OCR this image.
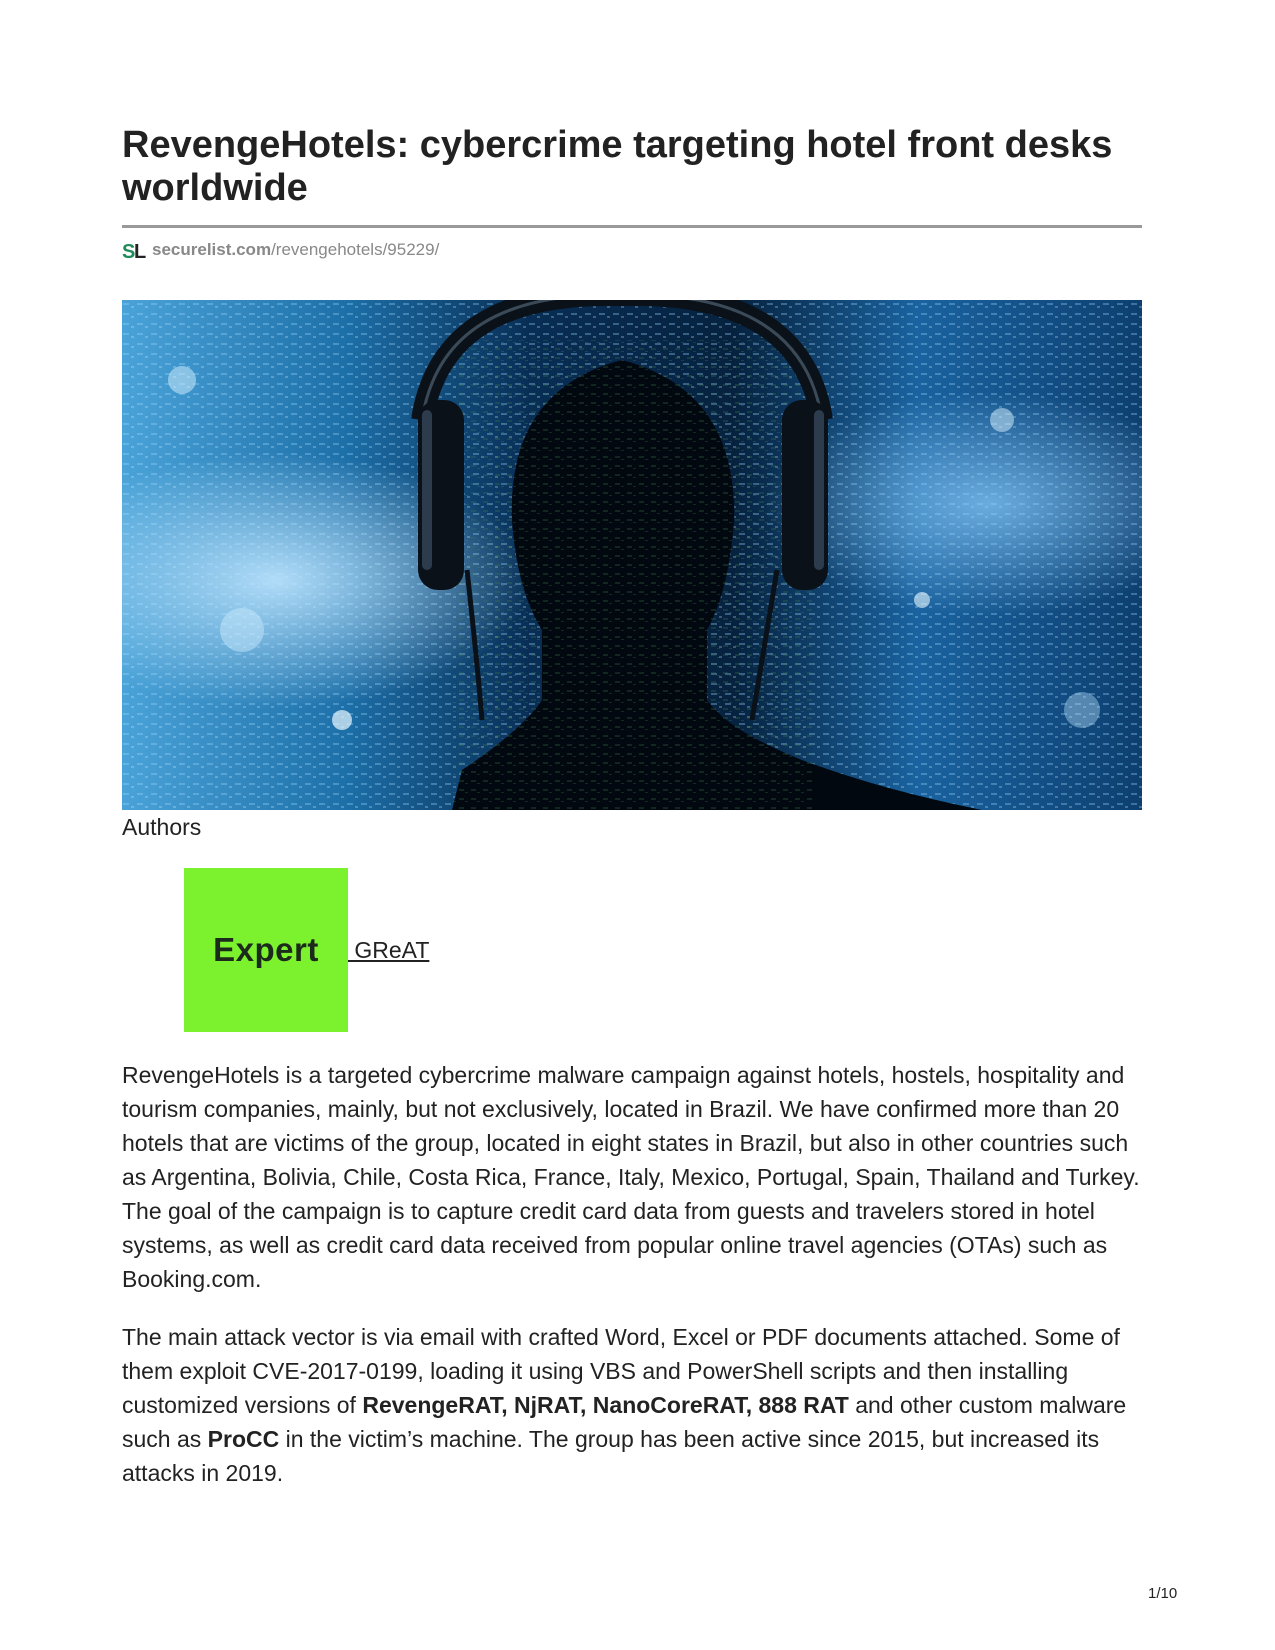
RevengeHotels: cybercrime targeting hotel front desks worldwide
S
L securelist.com /revengehotels/95229/
Authors
Expert GReAT

RevengeHotels is a targeted cybercrime malware campaign against hotels, hostels, hospitality and tourism companies, mainly, but not exclusively, located in Brazil. We have confirmed more than 20 hotels that are victims of the group, located in eight states in Brazil, but also in other countries such as Argentina, Bolivia, Chile, Costa Rica, France, Italy, Mexico, Portugal, Spain, Thailand and Turkey. The goal of the campaign is to capture credit card data from guests and travelers stored in hotel systems, as well as credit card data received from popular online travel agencies (OTAs) such as Booking.com.

The main attack vector is via email with crafted Word, Excel or PDF documents attached. Some of them exploit CVE-2017-0199, loading it using VBS and PowerShell scripts and then installing customized versions of RevengeRAT, NjRAT, NanoCoreRAT, 888 RAT and other custom malware such as ProCC in the victim’s machine. The group has been active since 2015, but increased its attacks in 2019.

1/10
